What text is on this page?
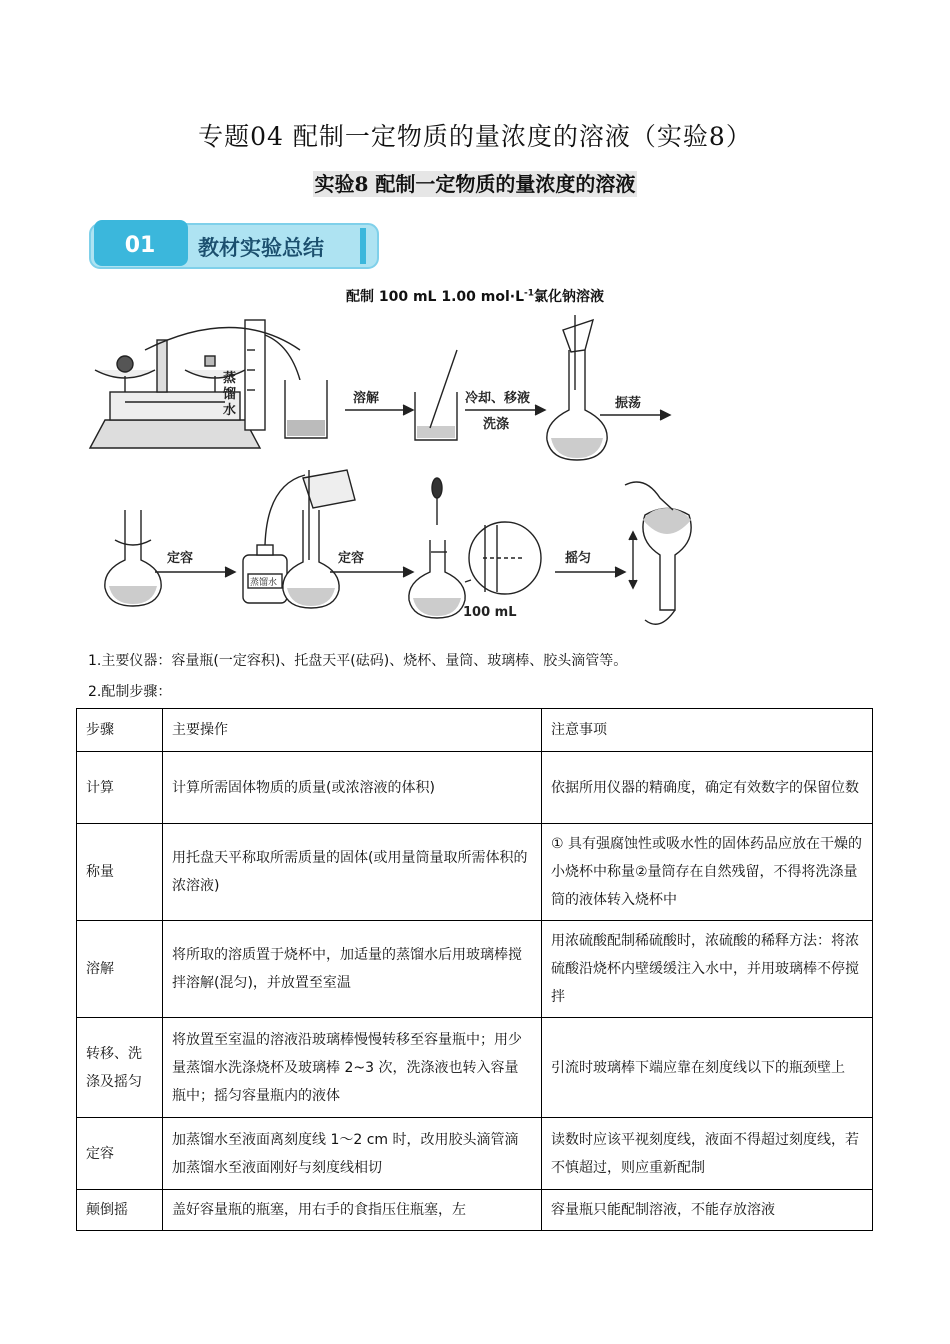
专题04 配制一定物质的量浓度的溶液（实验8）
实验8 配制一定物质的量浓度的溶液
01 教材实验总结
配制 100 mL 1.00 $mol\cdot L^{-1}$氯化钠溶液
蒸
馏
水
溶解	冷却、移液
洗涤
振荡
定容
蒸馏水
定容
100 mL
摇匀
1.主要仪器：容量瓶(一定容积)、托盘天平(砝码)、烧杯、量筒、玻璃棒、胶头滴管等。
2.配制步骤：
步骤	主要操作	注意事项
计算	计算所需固体物质的质量(或浓溶液的体积)	依据所用仪器的精确度，确定有效数字的保留位数
称量	用托盘天平称取所需质量的固体(或用量筒量取所需体积的浓溶液)	① 具有强腐蚀性或吸水性的固体药品应放在干燥的小烧杯中称量②量筒存在自然残留，不得将洗涤量筒的液体转入烧杯中
溶解	将所取的溶质置于烧杯中，加适量的蒸馏水后用玻璃棒搅拌溶解(混匀)，并放置至室温	用浓硫酸配制稀硫酸时，浓硫酸的稀释方法：将浓硫酸沿烧杯内壁缓缓注入水中，并用玻璃棒不停搅拌
转移、洗涤及摇匀	将放置至室温的溶液沿玻璃棒慢慢转移至容量瓶中；用少量蒸馏水洗涤烧杯及玻璃棒 2~3 次，洗涤液也转入容量瓶中；摇匀容量瓶内的液体	引流时玻璃棒下端应靠在刻度线以下的瓶颈壁上
定容	加蒸馏水至液面离刻度线 1～2 cm 时，改用胶头滴管滴加蒸馏水至液面刚好与刻度线相切	读数时应该平视刻度线，液面不得超过刻度线，若不慎超过，则应重新配制
颠倒摇	盖好容量瓶的瓶塞，用右手的食指压住瓶塞，左	容量瓶只能配制溶液，不能存放溶液
